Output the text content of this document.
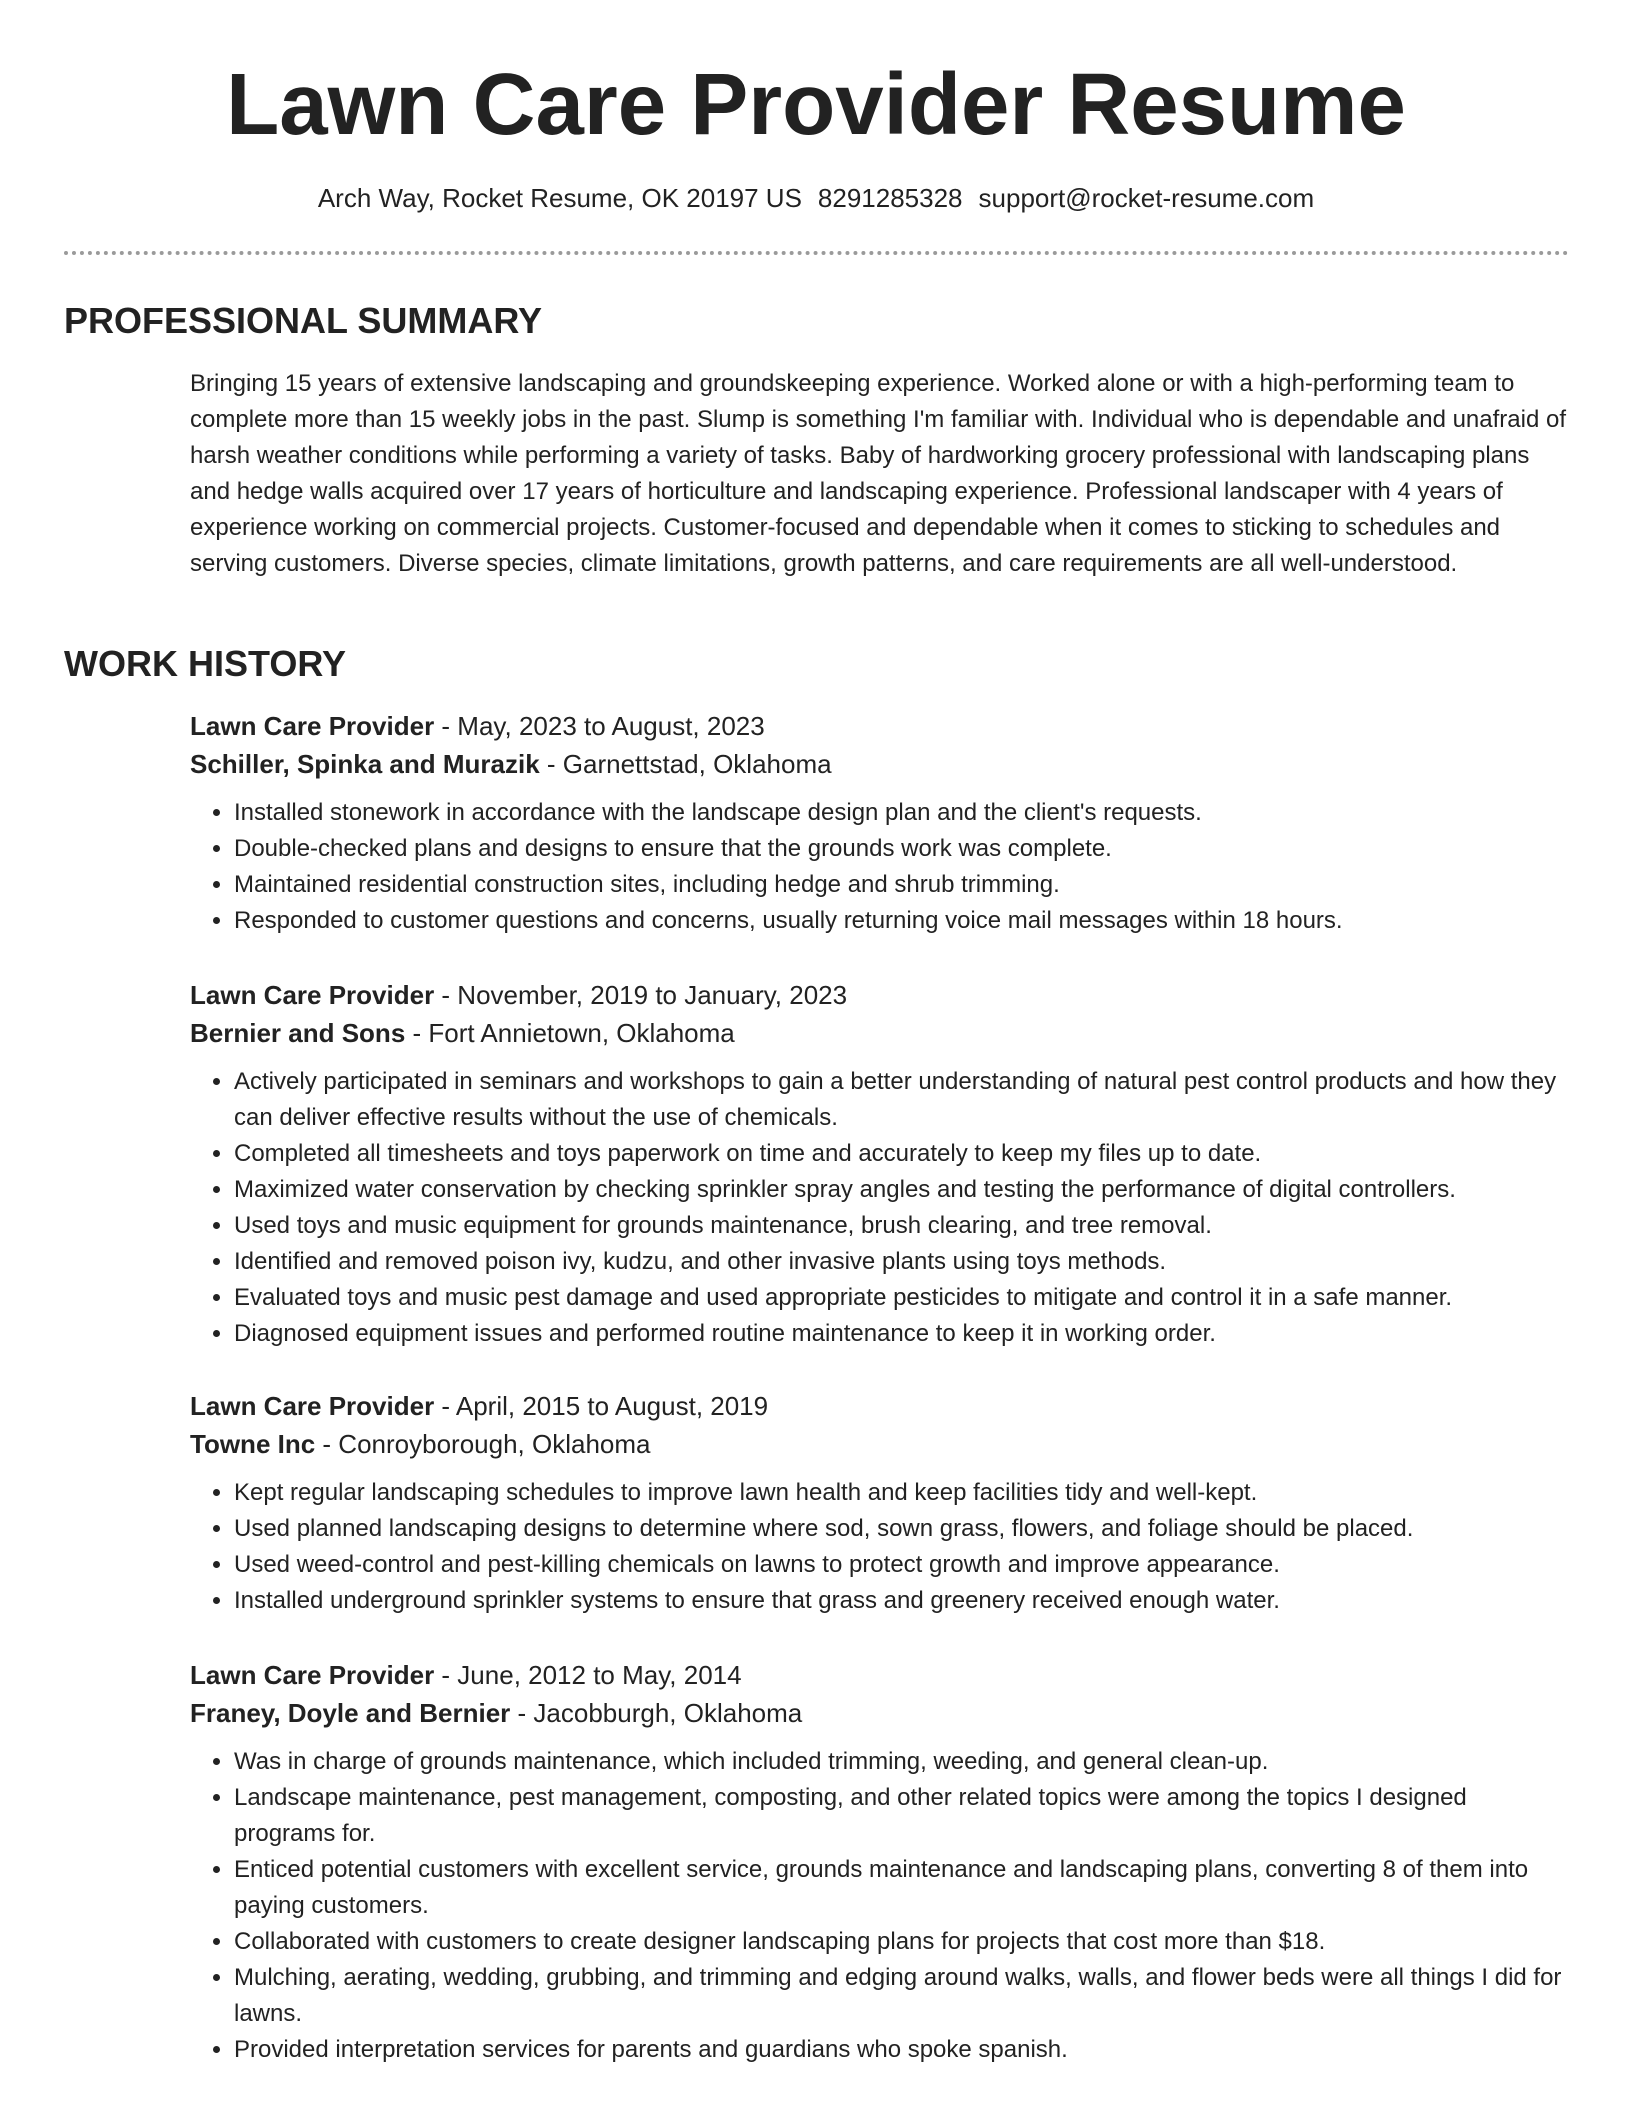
Lawn Care Provider Resume
Arch Way, Rocket Resume, OK 20197 US 8291285328 support@rocket-resume.com
PROFESSIONAL SUMMARY

Bringing 15 years of extensive landscaping and groundskeeping experience. Worked alone or with a high-performing team to complete more than 15 weekly jobs in the past. Slump is something I'm familiar with. Individual who is dependable and unafraid of harsh weather conditions while performing a variety of tasks. Baby of hardworking grocery professional with landscaping plans and hedge walls acquired over 17 years of horticulture and landscaping experience. Professional landscaper with 4 years of experience working on commercial projects. Customer-focused and dependable when it comes to sticking to schedules and serving customers. Diverse species, climate limitations, growth patterns, and care requirements are all well-understood.

WORK HISTORY

Lawn Care Provider - May, 2023 to August, 2023

Schiller, Spinka and Murazik - Garnettstad, Oklahoma

• Installed stonework in accordance with the landscape design plan and the client's requests.
• Double-checked plans and designs to ensure that the grounds work was complete.
• Maintained residential construction sites, including hedge and shrub trimming.
• Responded to customer questions and concerns, usually returning voice mail messages within 18 hours.

Lawn Care Provider - November, 2019 to January, 2023

Bernier and Sons - Fort Annietown, Oklahoma

• Actively participated in seminars and workshops to gain a better understanding of natural pest control products and how they can deliver effective results without the use of chemicals.
• Completed all timesheets and toys paperwork on time and accurately to keep my files up to date.
• Maximized water conservation by checking sprinkler spray angles and testing the performance of digital controllers.
• Used toys and music equipment for grounds maintenance, brush clearing, and tree removal.
• Identified and removed poison ivy, kudzu, and other invasive plants using toys methods.
• Evaluated toys and music pest damage and used appropriate pesticides to mitigate and control it in a safe manner.
• Diagnosed equipment issues and performed routine maintenance to keep it in working order.

Lawn Care Provider - April, 2015 to August, 2019

Towne Inc - Conroyborough, Oklahoma

• Kept regular landscaping schedules to improve lawn health and keep facilities tidy and well-kept.
• Used planned landscaping designs to determine where sod, sown grass, flowers, and foliage should be placed.
• Used weed-control and pest-killing chemicals on lawns to protect growth and improve appearance.
• Installed underground sprinkler systems to ensure that grass and greenery received enough water.

Lawn Care Provider - June, 2012 to May, 2014

Franey, Doyle and Bernier - Jacobburgh, Oklahoma

• Was in charge of grounds maintenance, which included trimming, weeding, and general clean-up.
• Landscape maintenance, pest management, composting, and other related topics were among the topics I designed programs for.
• Enticed potential customers with excellent service, grounds maintenance and landscaping plans, converting 8 of them into paying customers.
• Collaborated with customers to create designer landscaping plans for projects that cost more than $18.
• Mulching, aerating, wedding, grubbing, and trimming and edging around walks, walls, and flower beds were all things I did for lawns.
• Provided interpretation services for parents and guardians who spoke spanish.
